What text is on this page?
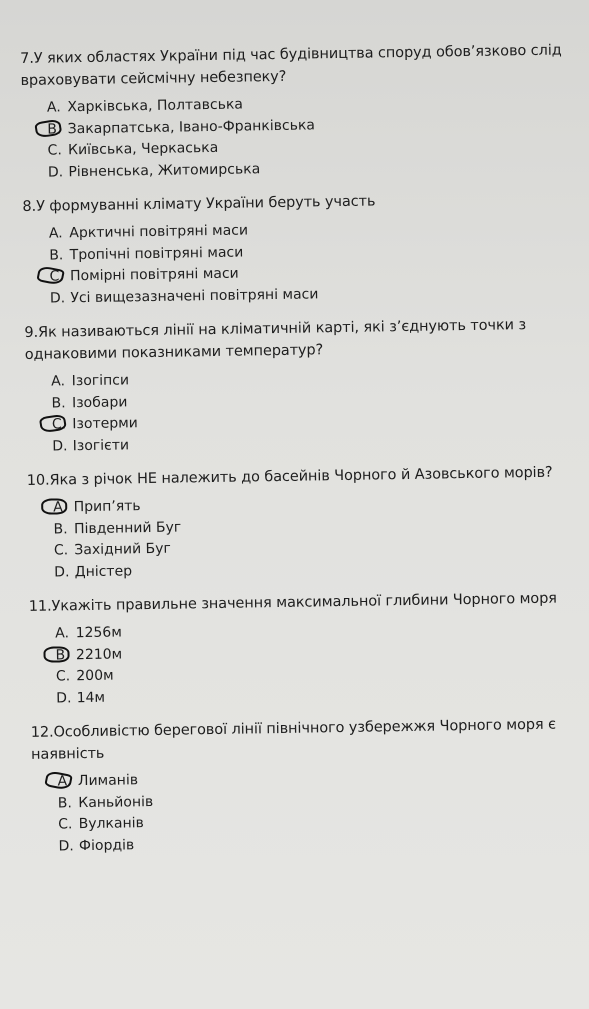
7.У яких областях України під час будівництва споруд обов’язково слід враховувати сейсмічну небезпеку?

A. Харківська, Полтавська
B. Закарпатська, Івано-Франківська
C. Київська, Черкаська
D. Рівненська, Житомирська

8.У формуванні клімату України беруть участь

A. Арктичні повітряні маси
B. Тропічні повітряні маси
C. Помірні повітряні маси
D. Усі вищезазначені повітряні маси

9.Як називаються лінії на кліматичній карті, які з’єднують точки з однаковими показниками температур?

A. Ізогіпси
B. Ізобари
C. Ізотерми
D. Ізогієти

10.Яка з річок НЕ належить до басейнів Чорного й Азовського морів?

A. Прип’ять
B. Південний Буг
C. Західний Буг
D. Дністер

11.Укажіть правильне значення максимальної глибини Чорного моря

A. 1256м
B. 2210м
C. 200м
D. 14м

12.Особливістю берегової лінії північного узбережжя Чорного моря є наявність

A. Лиманів
B. Каньйонів
C. Вулканів
D. Фіордів
